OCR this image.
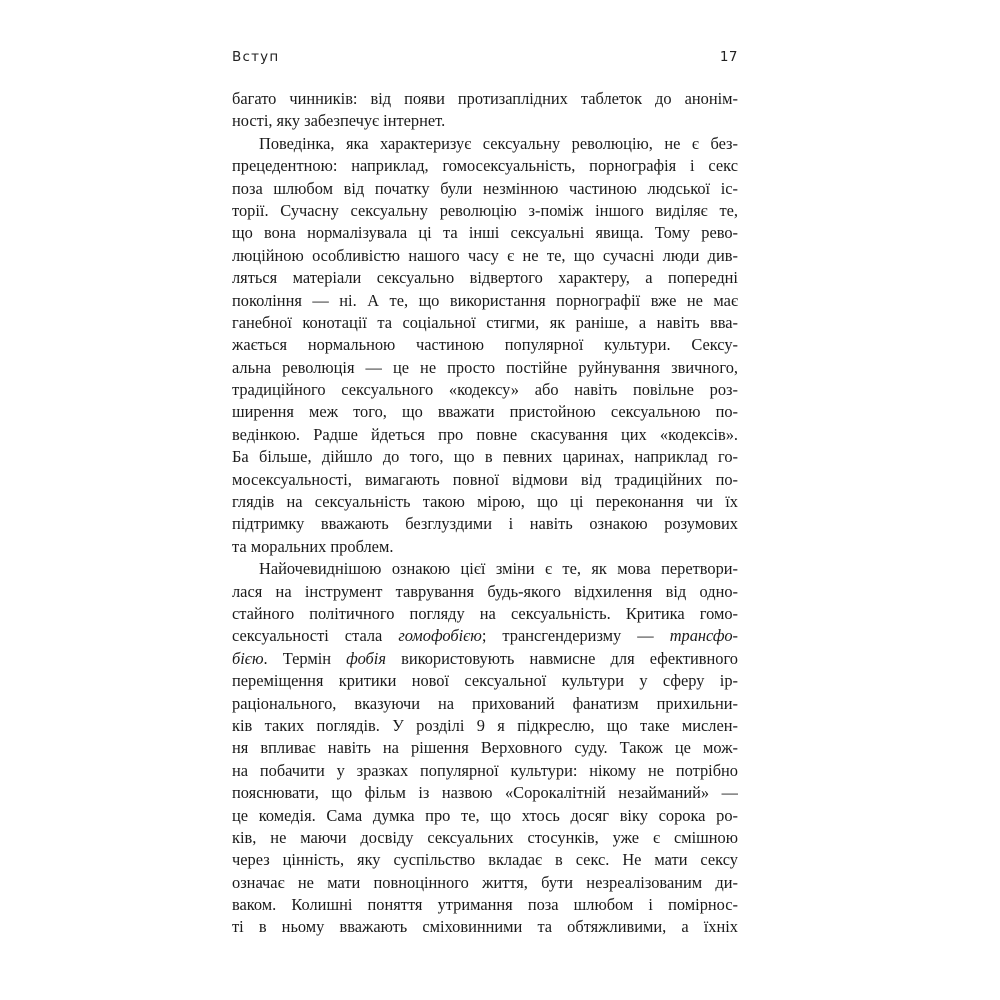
Вступ	17
багато чинників: від появи протизаплідних таблеток до анонім-
ності, яку забезпечує інтернет.
Поведінка, яка характеризує сексуальну революцію, не є без-
прецедентною: наприклад, гомосексуальність, порнографія і секс
поза шлюбом від початку були незмінною частиною людської іс-
торії. Сучасну сексуальну революцію з-поміж іншого виділяє те,
що вона нормалізувала ці та інші сексуальні явища. Тому рево-
люційною особливістю нашого часу є не те, що сучасні люди див-
ляться матеріали сексуально відвертого характеру, а попередні
покоління — ні. А те, що використання порнографії вже не має
ганебної конотації та соціальної стигми, як раніше, а навіть вва-
жається нормальною частиною популярної культури. Сексу-
альна революція — це не просто постійне руйнування звичного,
традиційного сексуального «кодексу» або навіть повільне роз-
ширення меж того, що вважати пристойною сексуальною по-
ведінкою. Радше йдеться про повне скасування цих «кодексів».
Ба більше, дійшло до того, що в певних царинах, наприклад го-
мосексуальності, вимагають повної відмови від традиційних по-
глядів на сексуальність такою мірою, що ці переконання чи їх
підтримку вважають безглуздими і навіть ознакою розумових
та моральних проблем.
Найочевиднішою ознакою цієї зміни є те, як мова перетвори-
лася на інструмент таврування будь-якого відхилення від одно-
стайного політичного погляду на сексуальність. Критика гомо-
сексуальності стала гомофобією; трансгендеризму — трансфо-
бією. Термін фобія використовують навмисне для ефективного
переміщення критики нової сексуальної культури у сферу ір-
раціонального, вказуючи на прихований фанатизм прихильни-
ків таких поглядів. У розділі 9 я підкреслю, що таке мислен-
ня впливає навіть на рішення Верховного суду. Також це мож-
на побачити у зразках популярної культури: нікому не потрібно
пояснювати, що фільм із назвою «Сорокалітній незайманий» —
це комедія. Сама думка про те, що хтось досяг віку сорока ро-
ків, не маючи досвіду сексуальних стосунків, уже є смішною
через цінність, яку суспільство вкладає в секс. Не мати сексу
означає не мати повноцінного життя, бути незреалізованим ди-
ваком. Колишні поняття утримання поза шлюбом і помірнос-
ті в ньому вважають сміховинними та обтяжливими, а їхніх
